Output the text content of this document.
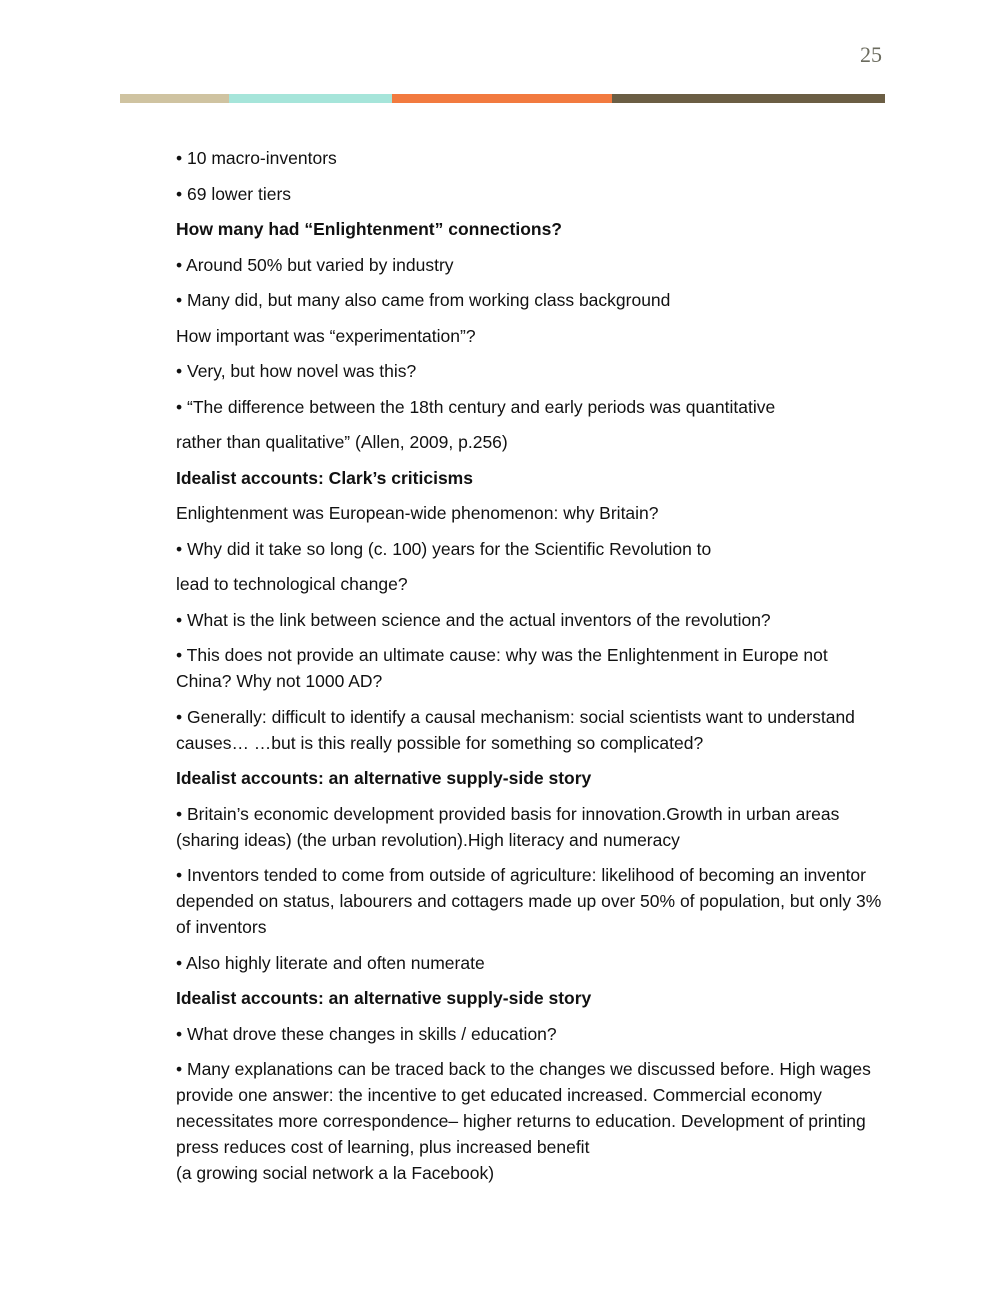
25

• 10 macro-inventors

• 69 lower tiers

How many had “Enlightenment” connections?

• Around 50% but varied by industry

• Many did, but many also came from working class background

How important was “experimentation”?

• Very, but how novel was this?

• “The difference between the 18th century and early periods was quantitative

rather than qualitative” (Allen, 2009, p.256)

Idealist accounts: Clark’s criticisms

Enlightenment was European-wide phenomenon: why Britain?

• Why did it take so long (c. 100) years for the Scientific Revolution to

lead to technological change?

• What is the link between science and the actual inventors of the revolution?

• This does not provide an ultimate cause: why was the Enlightenment in Europe not China? Why not 1000 AD?

• Generally: difficult to identify a causal mechanism: social scientists want to understand causes… …but is this really possible for something so complicated?

Idealist accounts: an alternative supply-side story

• Britain’s economic development provided basis for innovation.Growth in urban areas (sharing ideas) (the urban revolution).High literacy and numeracy

• Inventors tended to come from outside of agriculture: likelihood of becoming an inventor depended on status, labourers and cottagers made up over 50% of population, but only 3% of inventors

• Also highly literate and often numerate

Idealist accounts: an alternative supply-side story

• What drove these changes in skills / education?

• Many explanations can be traced back to the changes we discussed before. High wages provide one answer: the incentive to get educated increased. Commercial economy necessitates more correspondence– higher returns to education. Development of printing press reduces cost of learning, plus increased benefit
(a growing social network a la Facebook)
